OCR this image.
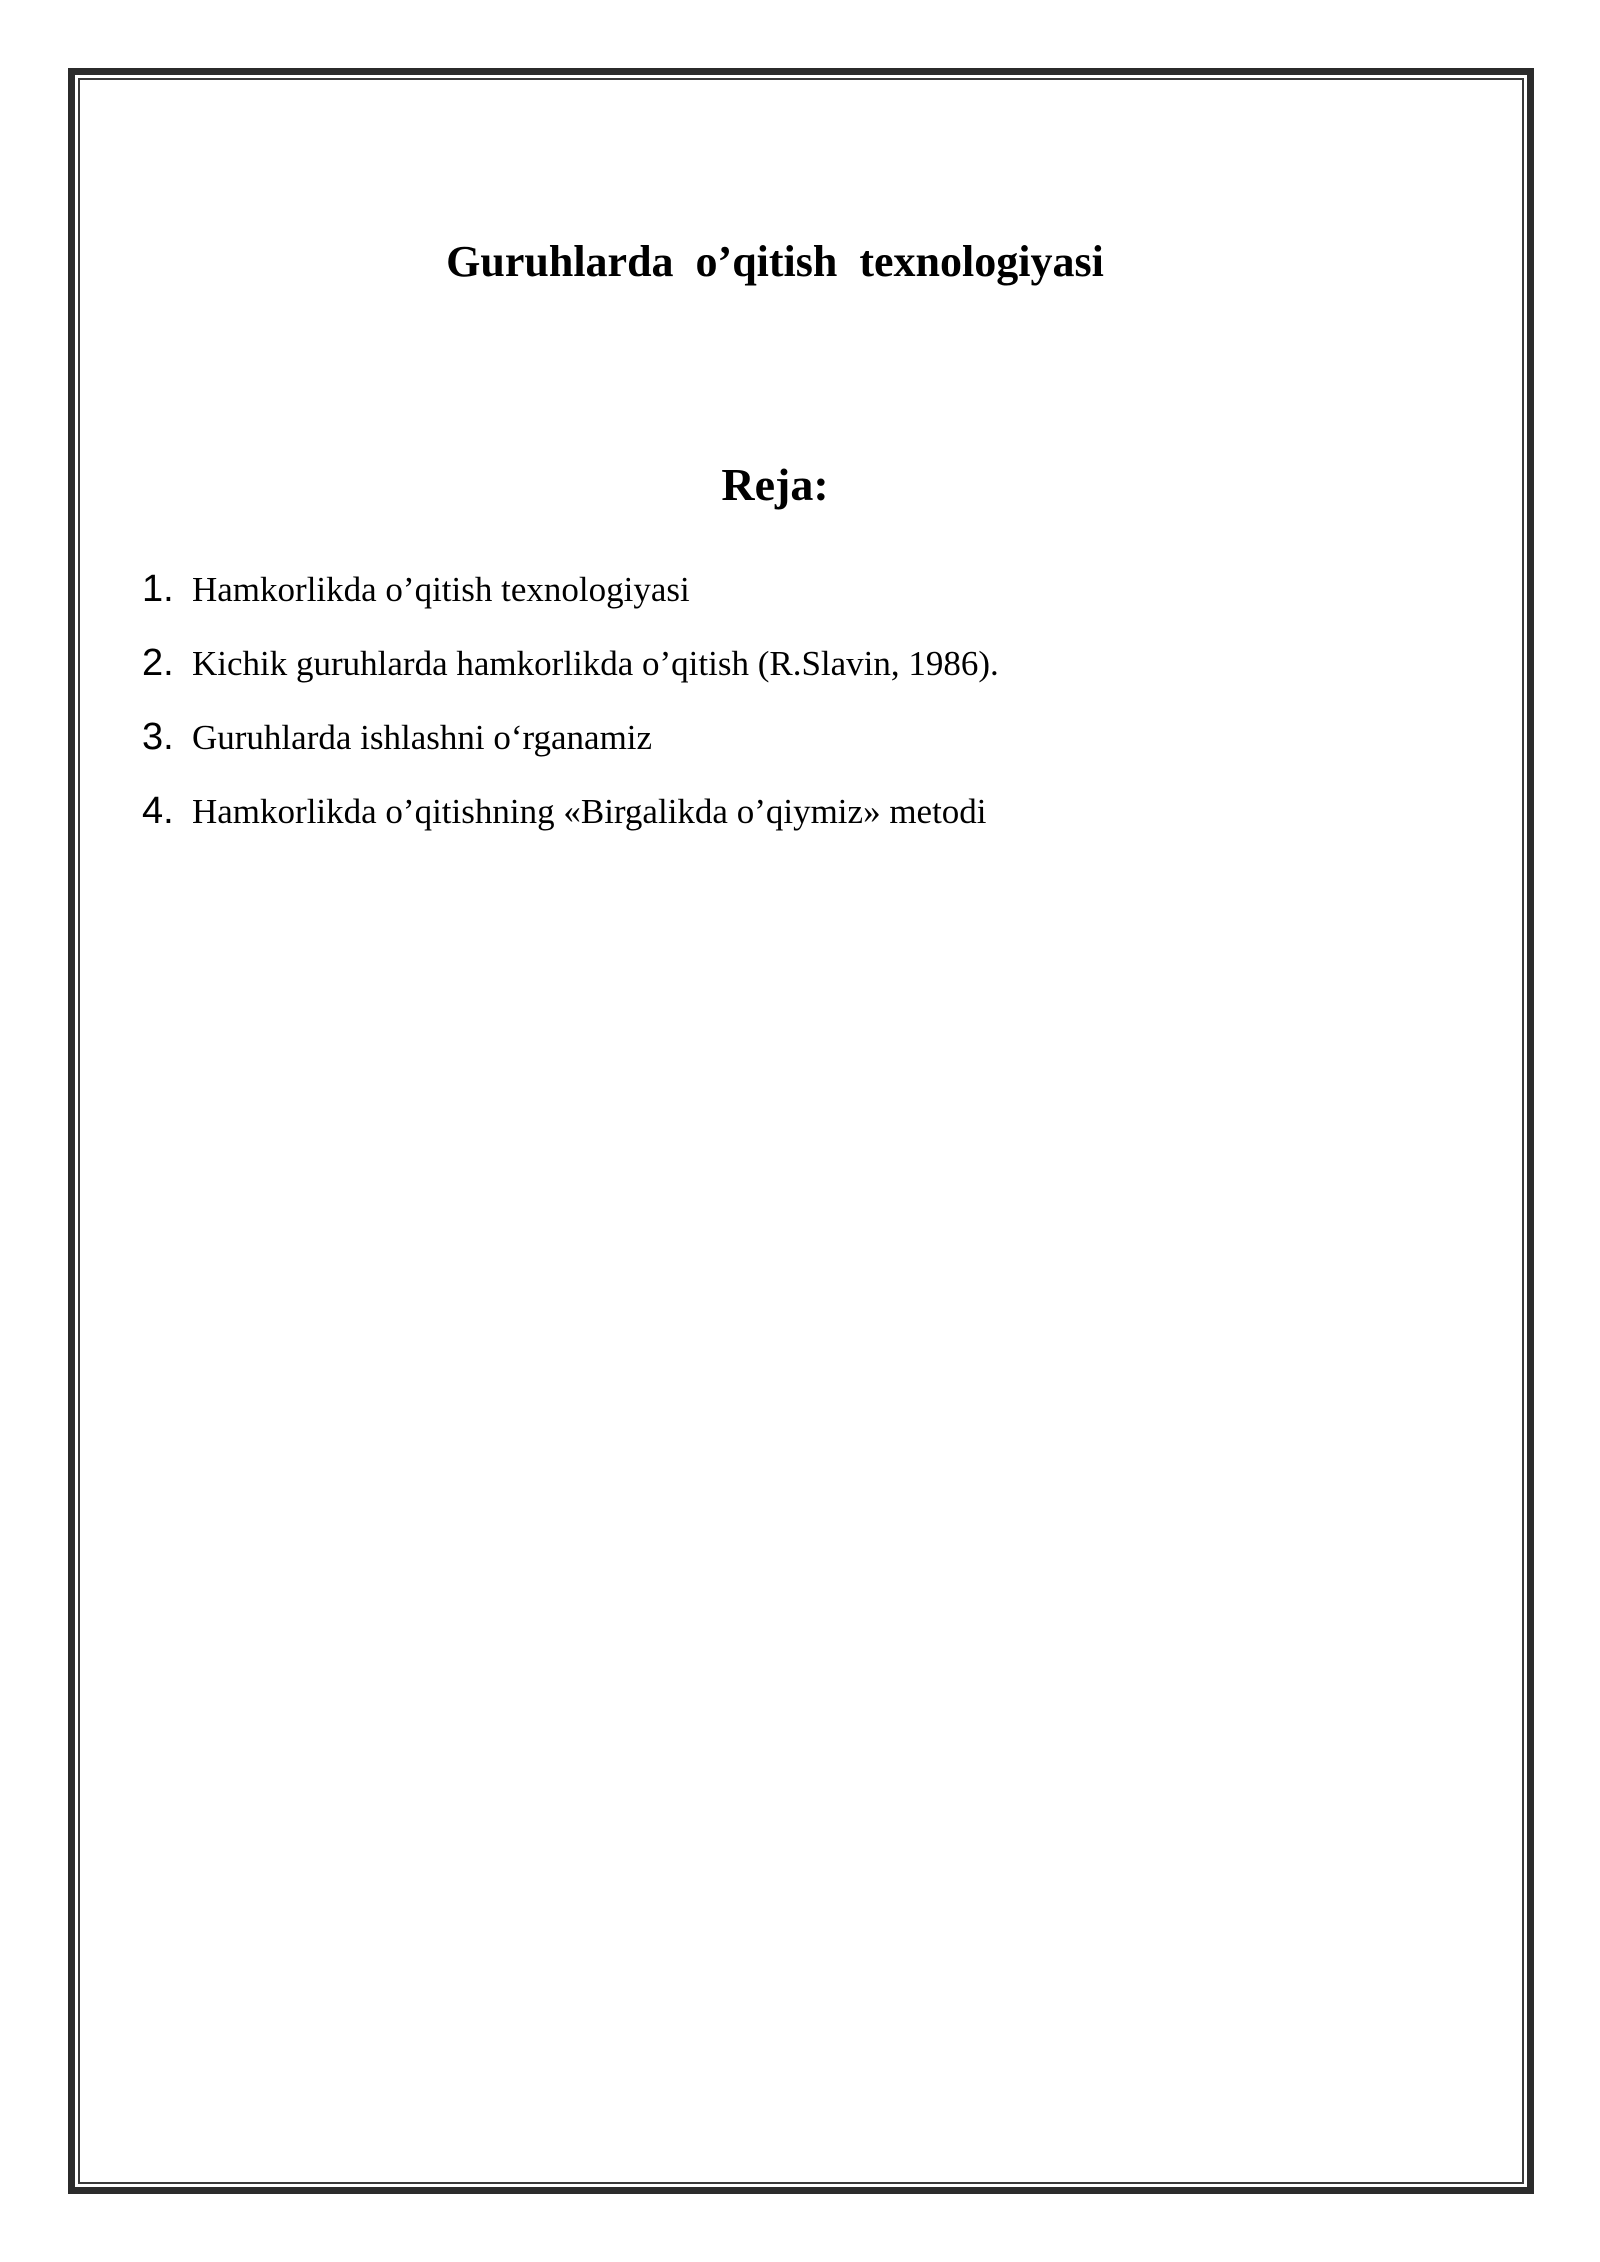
Guruhlarda  o’qitish  texnologiyasi
Reja:
1. Hamkorlikda o’qitish texnologiyasi
2. Kichik guruhlarda hamkorlikda o’qitish (R.Slavin, 1986).
3. Guruhlarda ishlashni o‘rganamiz
4. Hamkorlikda o’qitishning «Birgalikda o’qiymiz» metodi
